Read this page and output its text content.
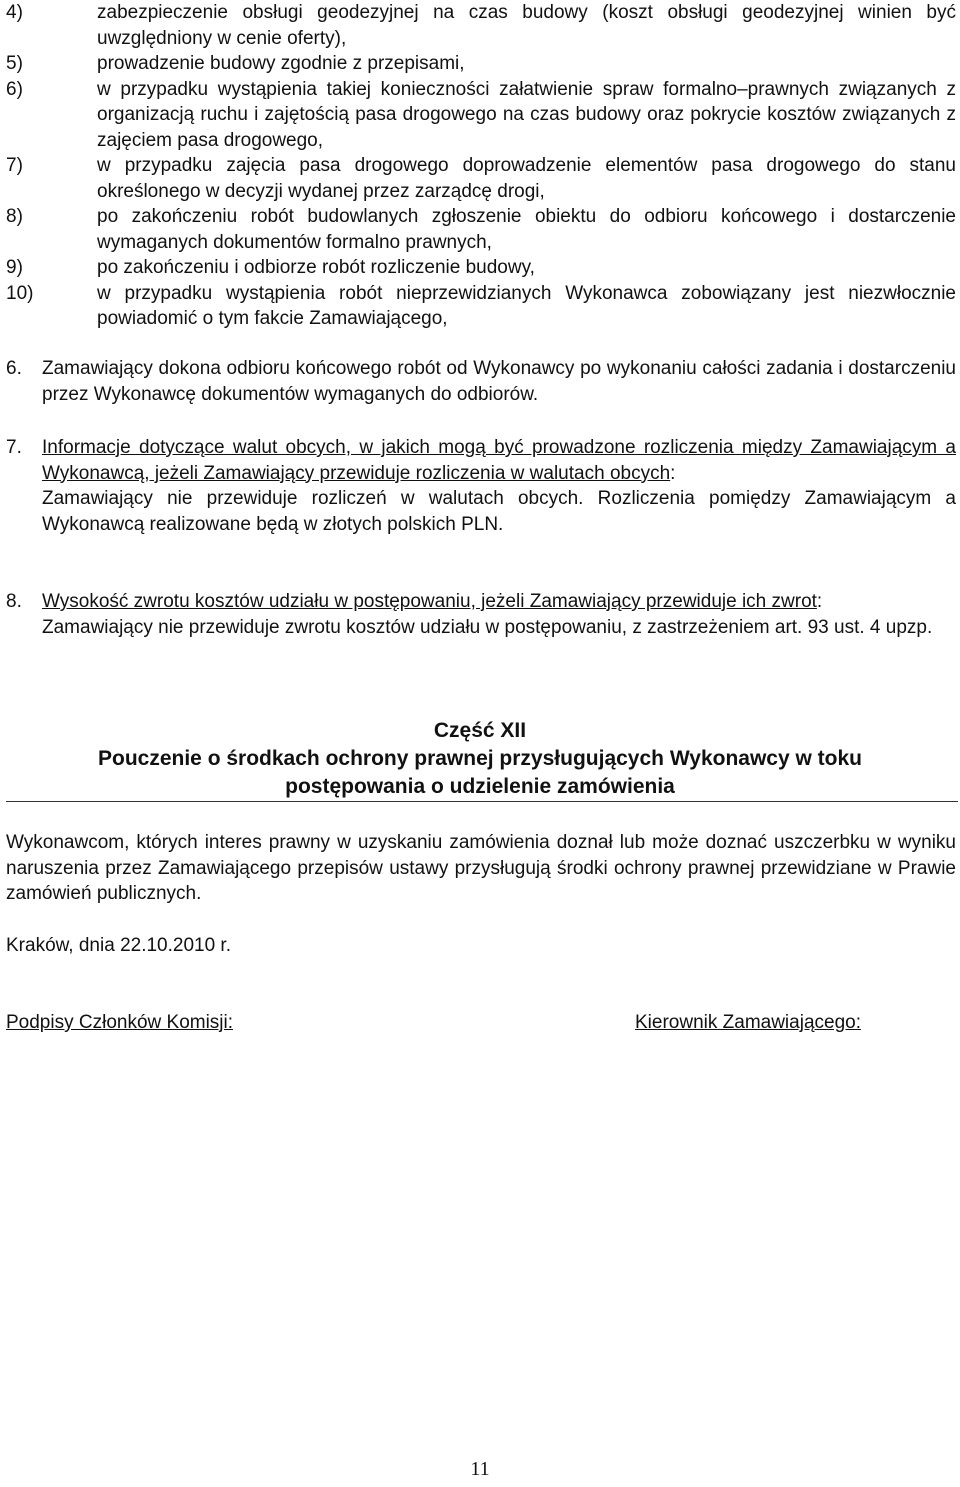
4)	zabezpieczenie obsługi geodezyjnej na czas budowy (koszt obsługi geodezyjnej winien być uwzględniony w cenie oferty),
5)	prowadzenie budowy zgodnie z przepisami,
6)	w przypadku wystąpienia takiej konieczności załatwienie spraw formalno–prawnych związanych z organizacją ruchu i zajętością pasa drogowego na czas budowy oraz pokrycie kosztów związanych z zajęciem pasa drogowego,
7)	w przypadku zajęcia pasa drogowego doprowadzenie elementów pasa drogowego do stanu określonego w decyzji wydanej przez zarządcę drogi,
8)	po zakończeniu robót budowlanych zgłoszenie obiektu do odbioru końcowego i dostarczenie wymaganych dokumentów formalno prawnych,
9)	po zakończeniu i odbiorze robót rozliczenie budowy,
10)	w przypadku wystąpienia robót nieprzewidzianych Wykonawca zobowiązany jest niezwłocznie powiadomić o tym fakcie Zamawiającego,
6. Zamawiający dokona odbioru końcowego robót od Wykonawcy po wykonaniu całości zadania i dostarczeniu przez Wykonawcę dokumentów wymaganych do odbiorów.

7. Informacje dotyczące walut obcych, w jakich mogą być prowadzone rozliczenia między Zamawiającym a Wykonawcą, jeżeli Zamawiający przewiduje rozliczenia w walutach obcych:

Zamawiający nie przewiduje rozliczeń w walutach obcych. Rozliczenia pomiędzy Zamawiającym a Wykonawcą realizowane będą w złotych polskich PLN.

8. Wysokość zwrotu kosztów udziału w postępowaniu, jeżeli Zamawiający przewiduje ich zwrot:

Zamawiający nie przewiduje zwrotu kosztów udziału w postępowaniu, z zastrzeżeniem art. 93 ust. 4 upzp.

Część XII
Pouczenie o środkach ochrony prawnej przysługujących Wykonawcy w toku
postępowania o udzielenie zamówienia

Wykonawcom, których interes prawny w uzyskaniu zamówienia doznał lub może doznać uszczerbku w wyniku naruszenia przez Zamawiającego przepisów ustawy przysługują środki ochrony prawnej przewidziane w Prawie zamówień publicznych.

Kraków, dnia 22.10.2010 r.

Podpisy Członków Komisji:	Kierownik Zamawiającego:
11
